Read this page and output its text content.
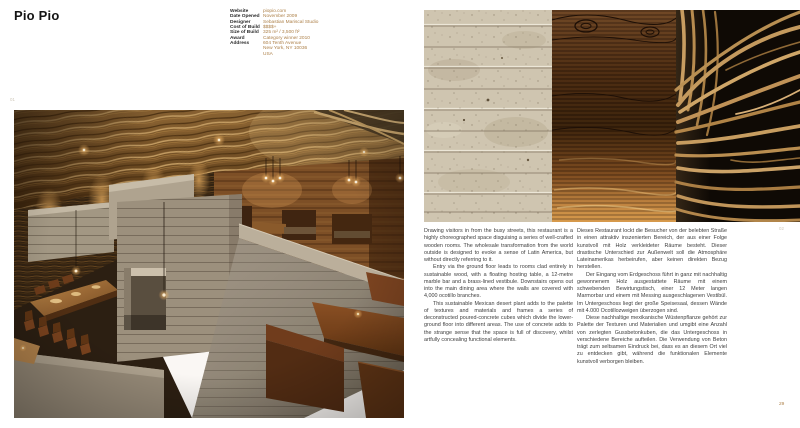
Pio Pio	Website	piopio.com
Date Opened November 2009
Designer	Sebastian Mariscal Studio
Cost of Build $$$$+
Size of Build 325 m² / 3,500 ft²
Award	Category winner 2010
Address	604 Tenth Avenue
New York, NY 10036
USA
01
02

Drawing visitors in from the busy streets, this restaurant is a highly choreographed space disguising a series of well-crafted wooden rooms. The wholesale transformation from the world outside is designed to evoke a sense of Latin America, but without directly referring to it.

Entry via the ground floor leads to rooms clad entirely in sustainable wood, with a floating hosting table, a 12-metre marble bar and a brass-lined vestibule. Downstairs opens out into the main dining area where the walls are covered with 4,000 ocotillo branches.

This sustainable Mexican desert plant adds to the palette of textures and materials and frames a series of deconstructed poured-concrete cubes which divide the lower-ground floor into different areas. The use of concrete adds to the strange sense that the space is full of discovery, whilst artfully concealing functional elements.

Dieses Restaurant lockt die Besucher von der belebten Straße in einen attraktiv inszenierten Bereich, der aus einer Folge kunstvoll mit Holz verkleideter Räume besteht. Dieser drastische Unterschied zur Außenwelt soll die Atmosphäre Lateinamerikas herbeirufen, aber keinen direkten Bezug herstellen.

Der Eingang vom Erdgeschoss führt in ganz mit nachhaltig gewonnenem Holz ausgestattete Räume mit einem schwebenden Bewirtungstisch, einer 12 Meter langen Marmorbar und einem mit Messing ausgeschlagenen Vestibül. Im Untergeschoss liegt der große Speisesaal, dessen Wände mit 4.000 Ocotillozweigen überzogen sind.

Diese nachhaltige mexikanische Wüstenpflanze gehört zur Palette der Texturen und Materialien und umgibt eine Anzahl von zerlegten Gussbetonkuben, die das Untergeschoss in verschiedene Bereiche aufteilen. Die Verwendung von Beton trägt zum seltsamen Eindruck bei, dass es an diesem Ort viel zu entdecken gibt, während die funktionalen Elemente kunstvoll verborgen bleiben.

29
